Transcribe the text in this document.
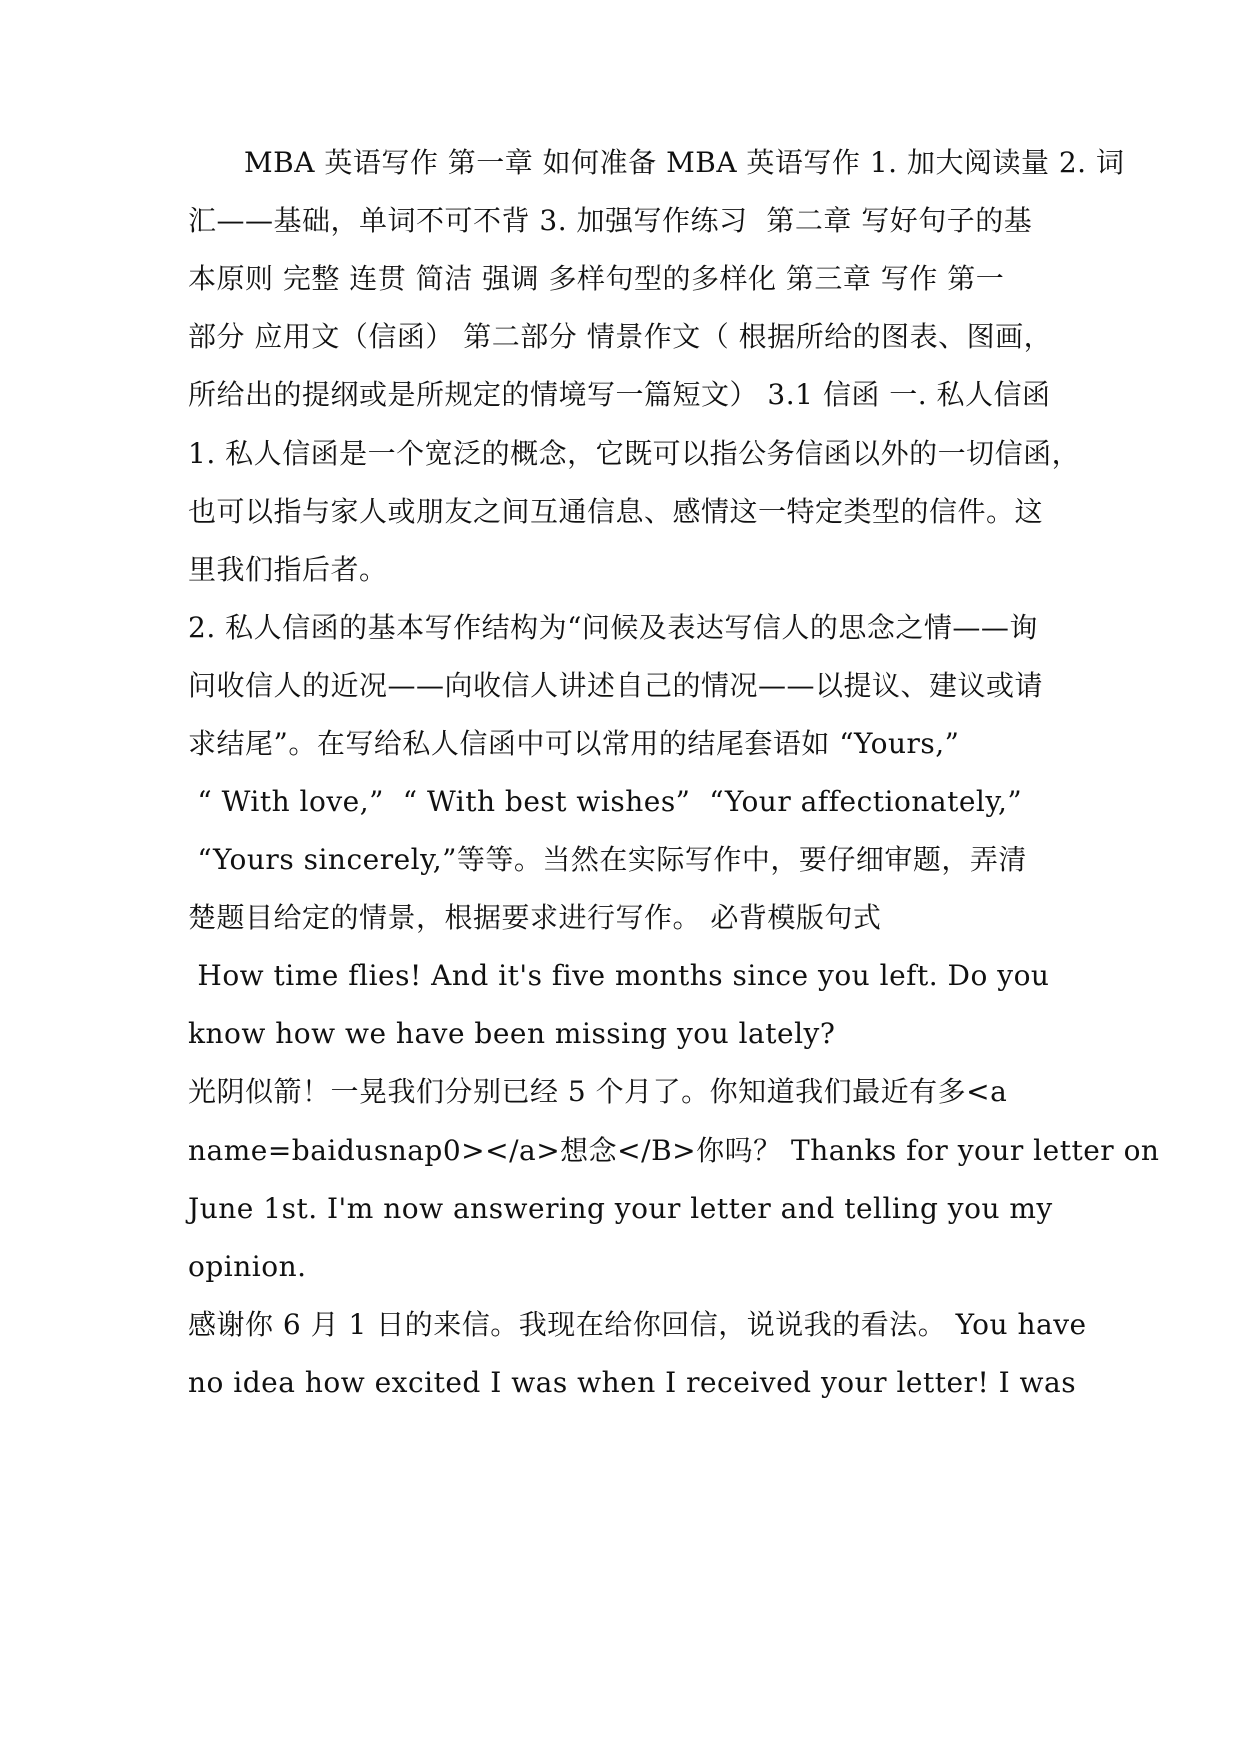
MBA 英语写作 第一章 如何准备 MBA 英语写作 1. 加大阅读量 2. 词
汇——基础，单词不可不背 3. 加强写作练习  第二章 写好句子的基
本原则 完整 连贯 简洁 强调 多样句型的多样化 第三章 写作 第一
部分 应用文（信函） 第二部分 情景作文（ 根据所给的图表、图画，
所给出的提纲或是所规定的情境写一篇短文） 3.1 信函 一. 私人信函
1. 私人信函是一个宽泛的概念，它既可以指公务信函以外的一切信函，
也可以指与家人或朋友之间互通信息、感情这一特定类型的信件。这
里我们指后者。
2. 私人信函的基本写作结构为“问候及表达写信人的思念之情——询
问收信人的近况——向收信人讲述自己的情况——以提议、建议或请
求结尾”。在写给私人信函中可以常用的结尾套语如 “Yours,”
“ With love,”  “ With best wishes”  “Your affectionately,”
“Yours sincerely,”等等。当然在实际写作中，要仔细审题，弄清
楚题目给定的情景，根据要求进行写作。 必背模版句式
How time flies! And it's five months since you left. Do you
know how we have been missing you lately?
光阴似箭！一晃我们分别已经 5 个月了。你知道我们最近有多<a
name=baidusnap0></a>想念</B>你吗？ Thanks for your letter on
June 1st. I'm now answering your letter and telling you my
opinion.
感谢你 6 月 1 日的来信。我现在给你回信，说说我的看法。 You have
no idea how excited I was when I received your letter! I was
